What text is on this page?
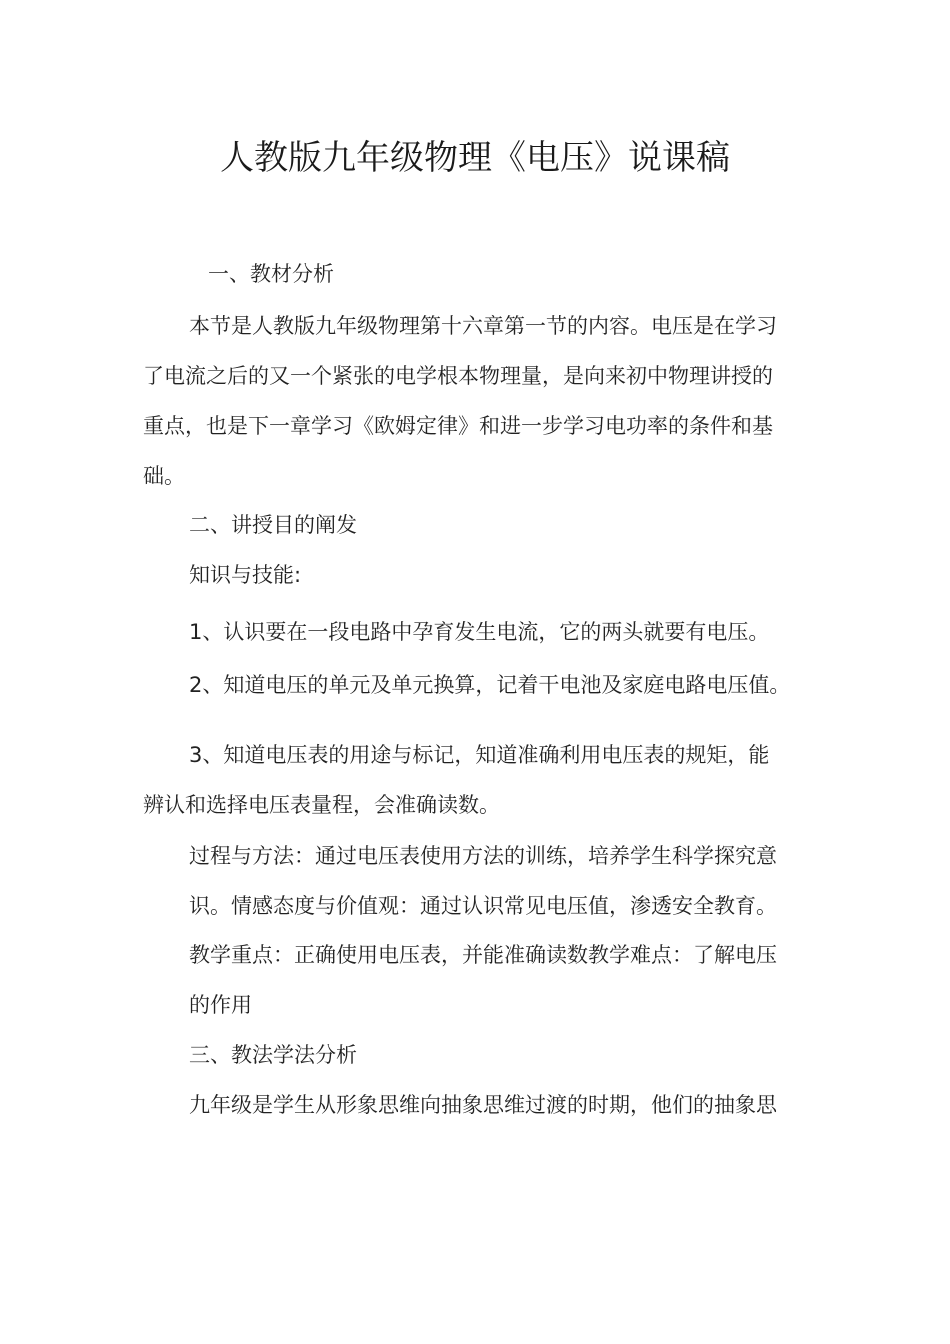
人教版九年级物理《电压》说课稿
一、教材分析
本节是人教版九年级物理第十六章第一节的内容。电压是在学习
了电流之后的又一个紧张的电学根本物理量，是向来初中物理讲授的
重点，也是下一章学习《欧姆定律》和进一步学习电功率的条件和基
础。
二、讲授目的阐发
知识与技能:
1、认识要在一段电路中孕育发生电流，它的两头就要有电压。
2、知道电压的单元及单元换算，记着干电池及家庭电路电压值。
3、知道电压表的用途与标记，知道准确利用电压表的规矩，能
辨认和选择电压表量程，会准确读数。
过程与方法：通过电压表使用方法的训练，培养学生科学探究意
识。情感态度与价值观：通过认识常见电压值，渗透安全教育。
教学重点：正确使用电压表，并能准确读数教学难点：了解电压
的作用
三、教法学法分析
九年级是学生从形象思维向抽象思维过渡的时期，他们的抽象思
